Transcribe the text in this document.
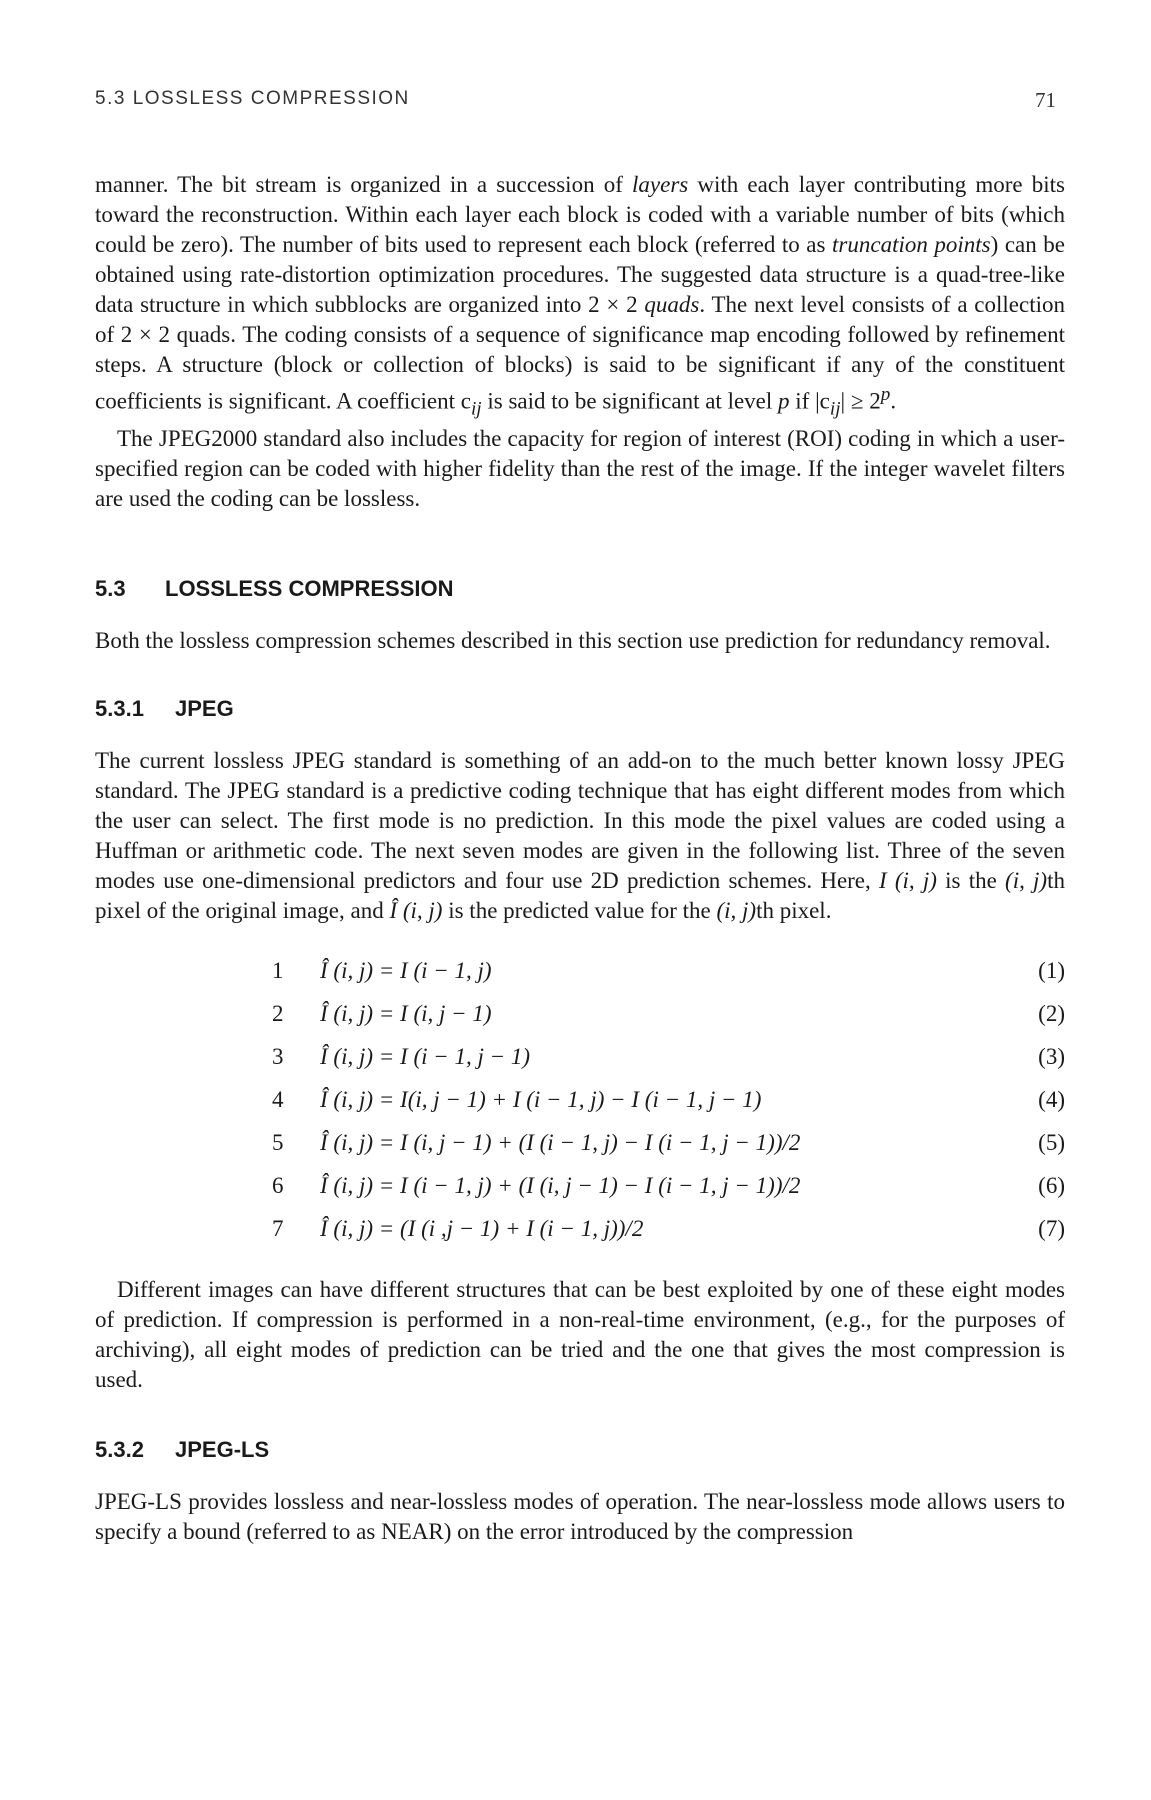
5.3 LOSSLESS COMPRESSION	71

manner. The bit stream is organized in a succession of layers with each layer contributing more bits toward the reconstruction. Within each layer each block is coded with a variable number of bits (which could be zero). The number of bits used to represent each block (referred to as truncation points) can be obtained using rate-distortion optimization procedures. The suggested data structure is a quad-tree-like data structure in which subblocks are organized into 2 × 2 quads. The next level consists of a collection of 2 × 2 quads. The coding consists of a sequence of significance map encoding followed by refinement steps. A structure (block or collection of blocks) is said to be significant if any of the constituent coefficients is significant. A coefficient $c_{ij}$ is said to be significant at level p if $|c_{ij}| \ge 2^p$.

The JPEG2000 standard also includes the capacity for region of interest (ROI) coding in which a user-specified region can be coded with higher fidelity than the rest of the image. If the integer wavelet filters are used the coding can be lossless.

5.3 LOSSLESS COMPRESSION

Both the lossless compression schemes described in this section use prediction for redundancy removal.

5.3.1 JPEG

The current lossless JPEG standard is something of an add-on to the much better known lossy JPEG standard. The JPEG standard is a predictive coding technique that has eight different modes from which the user can select. The first mode is no prediction. In this mode the pixel values are coded using a Huffman or arithmetic code. The next seven modes are given in the following list. Three of the seven modes use one-dimensional predictors and four use 2D prediction schemes. Here, I (i, j) is the (i, j)th pixel of the original image, and Î (i, j) is the predicted value for the (i, j)th pixel.

1	Î (i, j) = I (i − 1, j)	(1)
2	Î (i, j) = I (i, j − 1)	(2)
3	Î (i, j) = I (i − 1, j − 1)	(3)
4	Î (i, j) = I(i, j − 1) + I (i − 1, j) − I (i − 1, j − 1)	(4)
5	Î (i, j) = I (i, j − 1) + (I (i − 1, j) − I (i − 1, j − 1))/2	(5)
6	Î (i, j) = I (i − 1, j) + (I (i, j − 1) − I (i − 1, j − 1))/2	(6)
7	Î (i, j) = (I (i ,j − 1) + I (i − 1, j))/2	(7)

Different images can have different structures that can be best exploited by one of these eight modes of prediction. If compression is performed in a non-real-time environment, (e.g., for the purposes of archiving), all eight modes of prediction can be tried and the one that gives the most compression is used.

5.3.2 JPEG-LS

JPEG-LS provides lossless and near-lossless modes of operation. The near-lossless mode allows users to specify a bound (referred to as NEAR) on the error introduced by the compression
